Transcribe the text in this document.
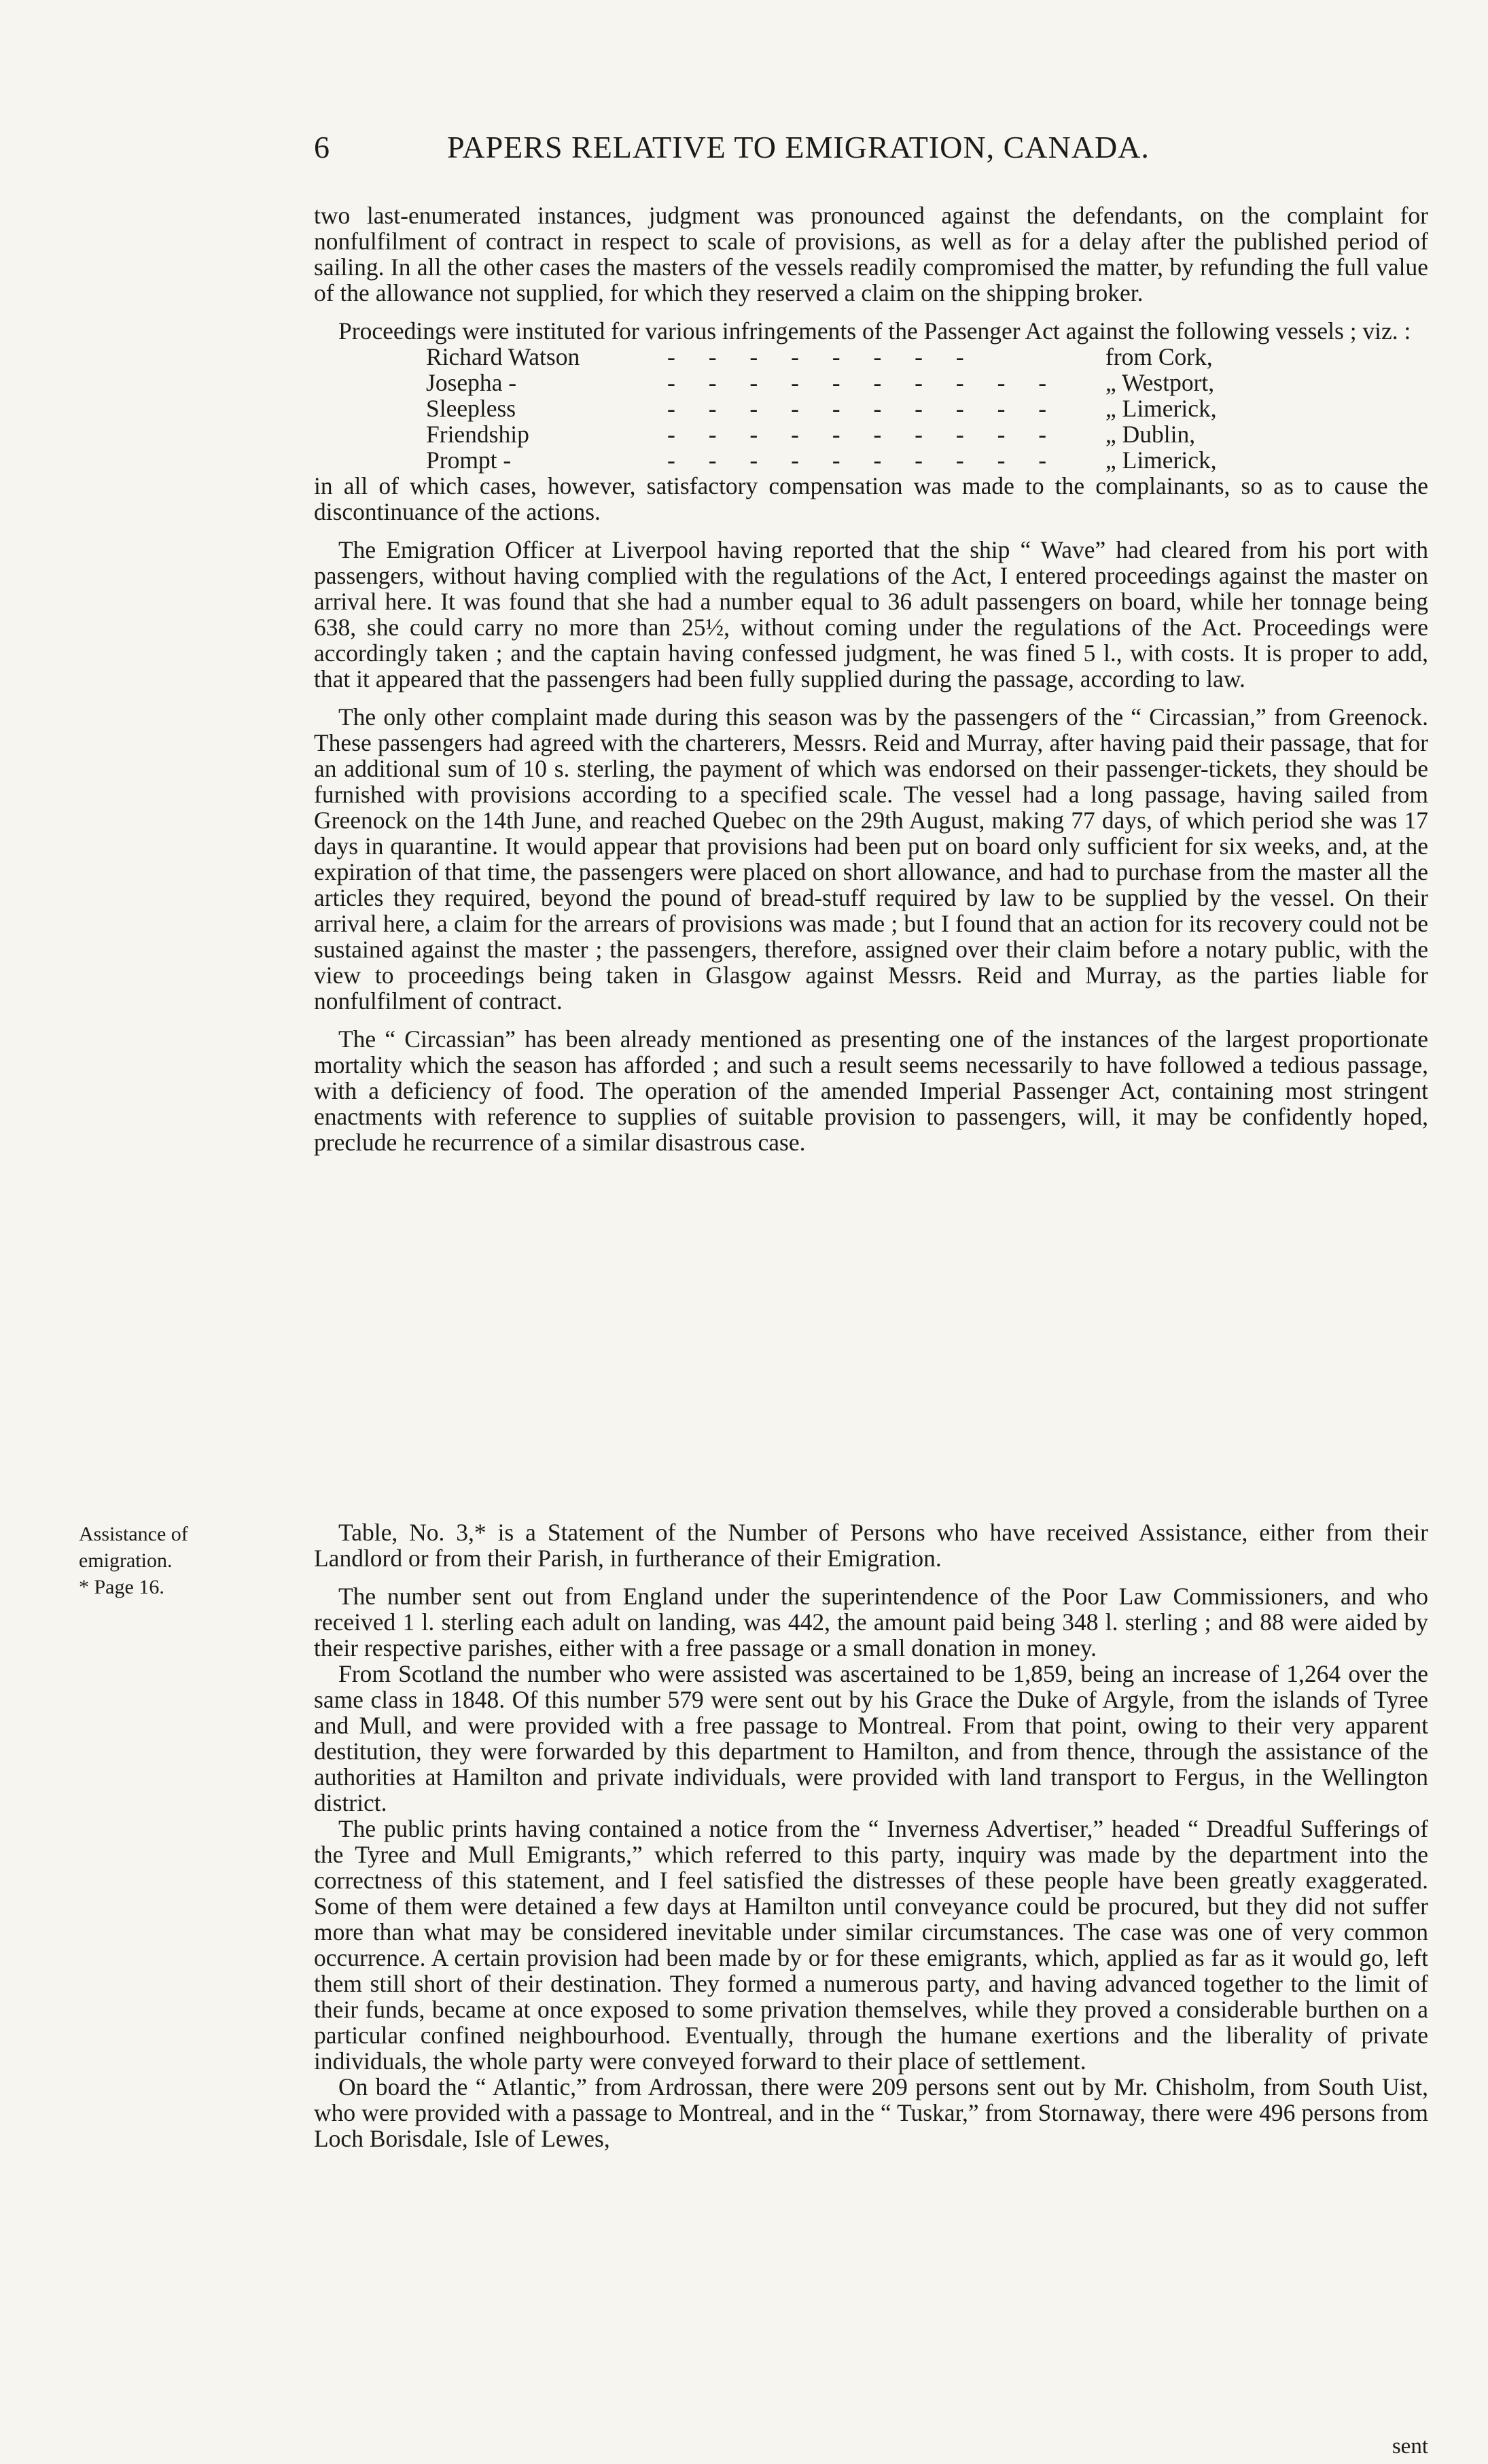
6	PAPERS RELATIVE TO EMIGRATION, CANADA.

two last-enumerated instances, judgment was pronounced against the defendants, on the complaint for nonfulfilment of contract in respect to scale of provisions, as well as for a delay after the published period of sailing. In all the other cases the masters of the vessels readily compromised the matter, by refunding the full value of the allowance not supplied, for which they reserved a claim on the shipping broker.

Proceedings were instituted for various infringements of the Passenger Act against the following vessels ; viz. :

Richard Watson	- - - - - - - -	from Cork,
Josepha -	- - - - - - - - - - „ Westport,
Sleepless	- - - - - - - - - - „ Limerick,
Friendship	- - - - - - - - - - „ Dublin,
Prompt -	- - - - - - - - - - „ Limerick,

in all of which cases, however, satisfactory compensation was made to the complainants, so as to cause the discontinuance of the actions.

The Emigration Officer at Liverpool having reported that the ship “ Wave” had cleared from his port with passengers, without having complied with the regulations of the Act, I entered proceedings against the master on arrival here. It was found that she had a number equal to 36 adult passengers on board, while her tonnage being 638, she could carry no more than 25½, without coming under the regulations of the Act. Proceedings were accordingly taken ; and the captain having confessed judgment, he was fined 5 l., with costs. It is proper to add, that it appeared that the passengers had been fully supplied during the passage, according to law.

The only other complaint made during this season was by the passengers of the “ Circassian,” from Greenock. These passengers had agreed with the charterers, Messrs. Reid and Murray, after having paid their passage, that for an additional sum of 10 s. sterling, the payment of which was endorsed on their passenger-tickets, they should be furnished with provisions according to a specified scale. The vessel had a long passage, having sailed from Greenock on the 14th June, and reached Quebec on the 29th August, making 77 days, of which period she was 17 days in quarantine. It would appear that provisions had been put on board only sufficient for six weeks, and, at the expiration of that time, the passengers were placed on short allowance, and had to purchase from the master all the articles they required, beyond the pound of bread-stuff required by law to be supplied by the vessel. On their arrival here, a claim for the arrears of provisions was made ; but I found that an action for its recovery could not be sustained against the master ; the passengers, therefore, assigned over their claim before a notary public, with the view to proceedings being taken in Glasgow against Messrs. Reid and Murray, as the parties liable for nonfulfilment of contract.

The “ Circassian” has been already mentioned as presenting one of the instances of the largest proportionate mortality which the season has afforded ; and such a result seems necessarily to have followed a tedious passage, with a deficiency of food. The operation of the amended Imperial Passenger Act, containing most stringent enactments with reference to supplies of suitable provision to passengers, will, it may be confidently hoped, preclude he recurrence of a similar disastrous case.

Assistance of
emigration.
* Page 16.

Table, No. 3,* is a Statement of the Number of Persons who have received Assistance, either from their Landlord or from their Parish, in furtherance of their Emigration.

The number sent out from England under the superintendence of the Poor Law Commissioners, and who received 1 l. sterling each adult on landing, was 442, the amount paid being 348 l. sterling ; and 88 were aided by their respective parishes, either with a free passage or a small donation in money.

From Scotland the number who were assisted was ascertained to be 1,859, being an increase of 1,264 over the same class in 1848. Of this number 579 were sent out by his Grace the Duke of Argyle, from the islands of Tyree and Mull, and were provided with a free passage to Montreal. From that point, owing to their very apparent destitution, they were forwarded by this department to Hamilton, and from thence, through the assistance of the authorities at Hamilton and private individuals, were provided with land transport to Fergus, in the Wellington district.

The public prints having contained a notice from the “ Inverness Advertiser,” headed “ Dreadful Sufferings of the Tyree and Mull Emigrants,” which referred to this party, inquiry was made by the department into the correctness of this statement, and I feel satisfied the distresses of these people have been greatly exaggerated. Some of them were detained a few days at Hamilton until conveyance could be procured, but they did not suffer more than what may be considered inevitable under similar circumstances. The case was one of very common occurrence. A certain provision had been made by or for these emigrants, which, applied as far as it would go, left them still short of their destination. They formed a numerous party, and having advanced together to the limit of their funds, became at once exposed to some privation themselves, while they proved a considerable burthen on a particular confined neighbourhood. Eventually, through the humane exertions and the liberality of private individuals, the whole party were conveyed forward to their place of settlement.

On board the “ Atlantic,” from Ardrossan, there were 209 persons sent out by Mr. Chisholm, from South Uist, who were provided with a passage to Montreal, and in the “ Tuskar,” from Stornaway, there were 496 persons from Loch Borisdale, Isle of Lewes,

sent
